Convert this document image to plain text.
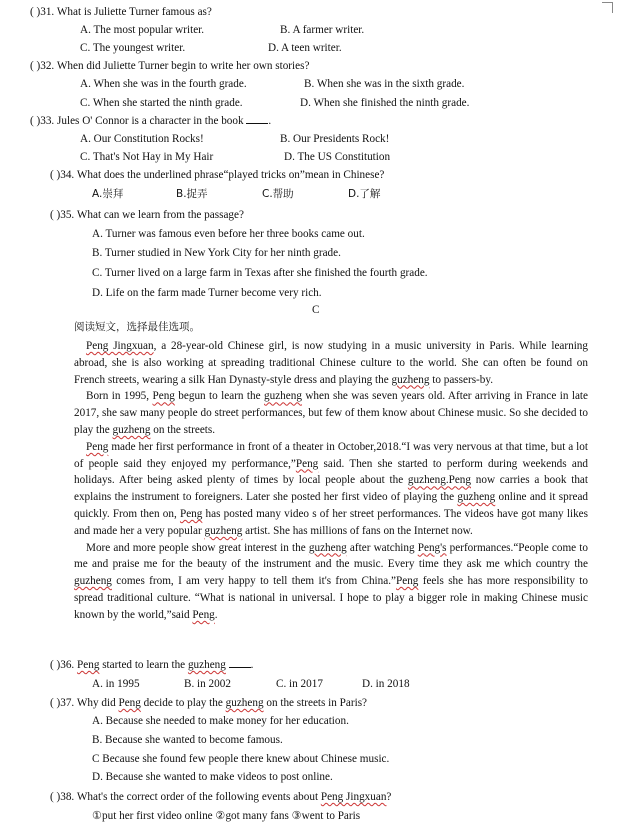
( )31. What is Juliette Turner famous as?
A. The most popular writer.	B. A farmer writer.
C. The youngest writer.	D. A teen writer.
( )32. When did Juliette Turner begin to write her own stories?
A. When she was in the fourth grade.	B. When she was in the sixth grade.
C. When she started the ninth grade.	D. When she finished the ninth grade.
( )33. Jules O' Connor is a character in the book .
A. Our Constitution Rocks!	B. Our Presidents Rock!
C. That's Not Hay in My Hair	D. The US Constitution
( )34. What does the underlined phrase“played tricks on”mean in Chinese?
A.崇拜	B.捉弄	C.帮助	D.了解
( )35. What can we learn from the passage?
A. Turner was famous even before her three books came out.
B. Turner studied in New York City for her ninth grade.
C. Turner lived on a large farm in Texas after she finished the fourth grade.
D. Life on the farm made Turner become very rich.
C
阅读短文，选择最佳选项。

Peng Jingxuan, a 28-year-old Chinese girl, is now studying in a music university in Paris. While learning abroad, she is also working at spreading traditional Chinese culture to the world. She can often be found on French streets, wearing a silk Han Dynasty-style dress and playing the guzheng to passers-by.

Born in 1995, Peng begun to learn the guzheng when she was seven years old. After arriving in France in late 2017, she saw many people do street performances, but few of them know about Chinese music. So she decided to play the guzheng on the streets.

Peng made her first performance in front of a theater in October,2018.“I was very nervous at that time, but a lot of people said they enjoyed my performance,”Peng said. Then she started to perform during weekends and holidays. After being asked plenty of times by local people about the guzheng.Peng now carries a book that explains the instrument to foreigners. Later she posted her first video of playing the guzheng online and it spread quickly. From then on, Peng has posted many video s of her street performances. The videos have got many likes and made her a very popular guzheng artist. She has millions of fans on the Internet now.

More and more people show great interest in the guzheng after watching Peng's performances.“People come to me and praise me for the beauty of the instrument and the music. Every time they ask me which country the guzheng comes from, I am very happy to tell them it's from China.”Peng feels she has more responsibility to spread traditional culture. “What is national in universal. I hope to play a bigger role in making Chinese music known by the world,”said Peng.

( )36. Peng started to learn the guzheng .
A. in 1995	B. in 2002	C. in 2017	D. in 2018
( )37. Why did Peng decide to play the guzheng on the streets in Paris?
A. Because she needed to make money for her education.
B. Because she wanted to become famous.
C Because she found few people there knew about Chinese music.
D. Because she wanted to make videos to post online.
( )38. What's the correct order of the following events about Peng Jingxuan?
①put her first video online ②got many fans ③went to Paris
